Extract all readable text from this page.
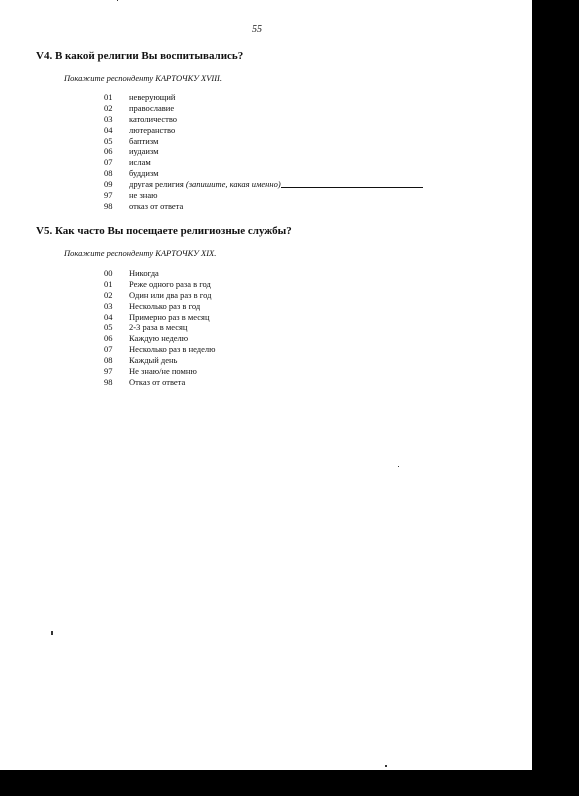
55
V4. В какой религии Вы воспитывались?
Покажите респонденту КАРТОЧКУ XVIII.
01	неверующий
02	православие
03	католичество
04	лютеранство
05	баптизм
06	иудаизм
07	ислам
08	буддизм
09	другая религия
(запишите, какая именно)
97	не знаю
98	отказ от ответа
V5. Как часто Вы посещаете религиозные службы?
Покажите респонденту КАРТОЧКУ XIX.
00	Никогда
01	Реже одного раза в год
02	Один или два раз в год
03	Несколько раз в год
04	Примерно раз в месяц
05	2-3 раза в месяц
06	Каждую неделю
07	Несколько раз в неделю
08	Каждый день
97	Не знаю/не помню
98	Отказ от ответа
